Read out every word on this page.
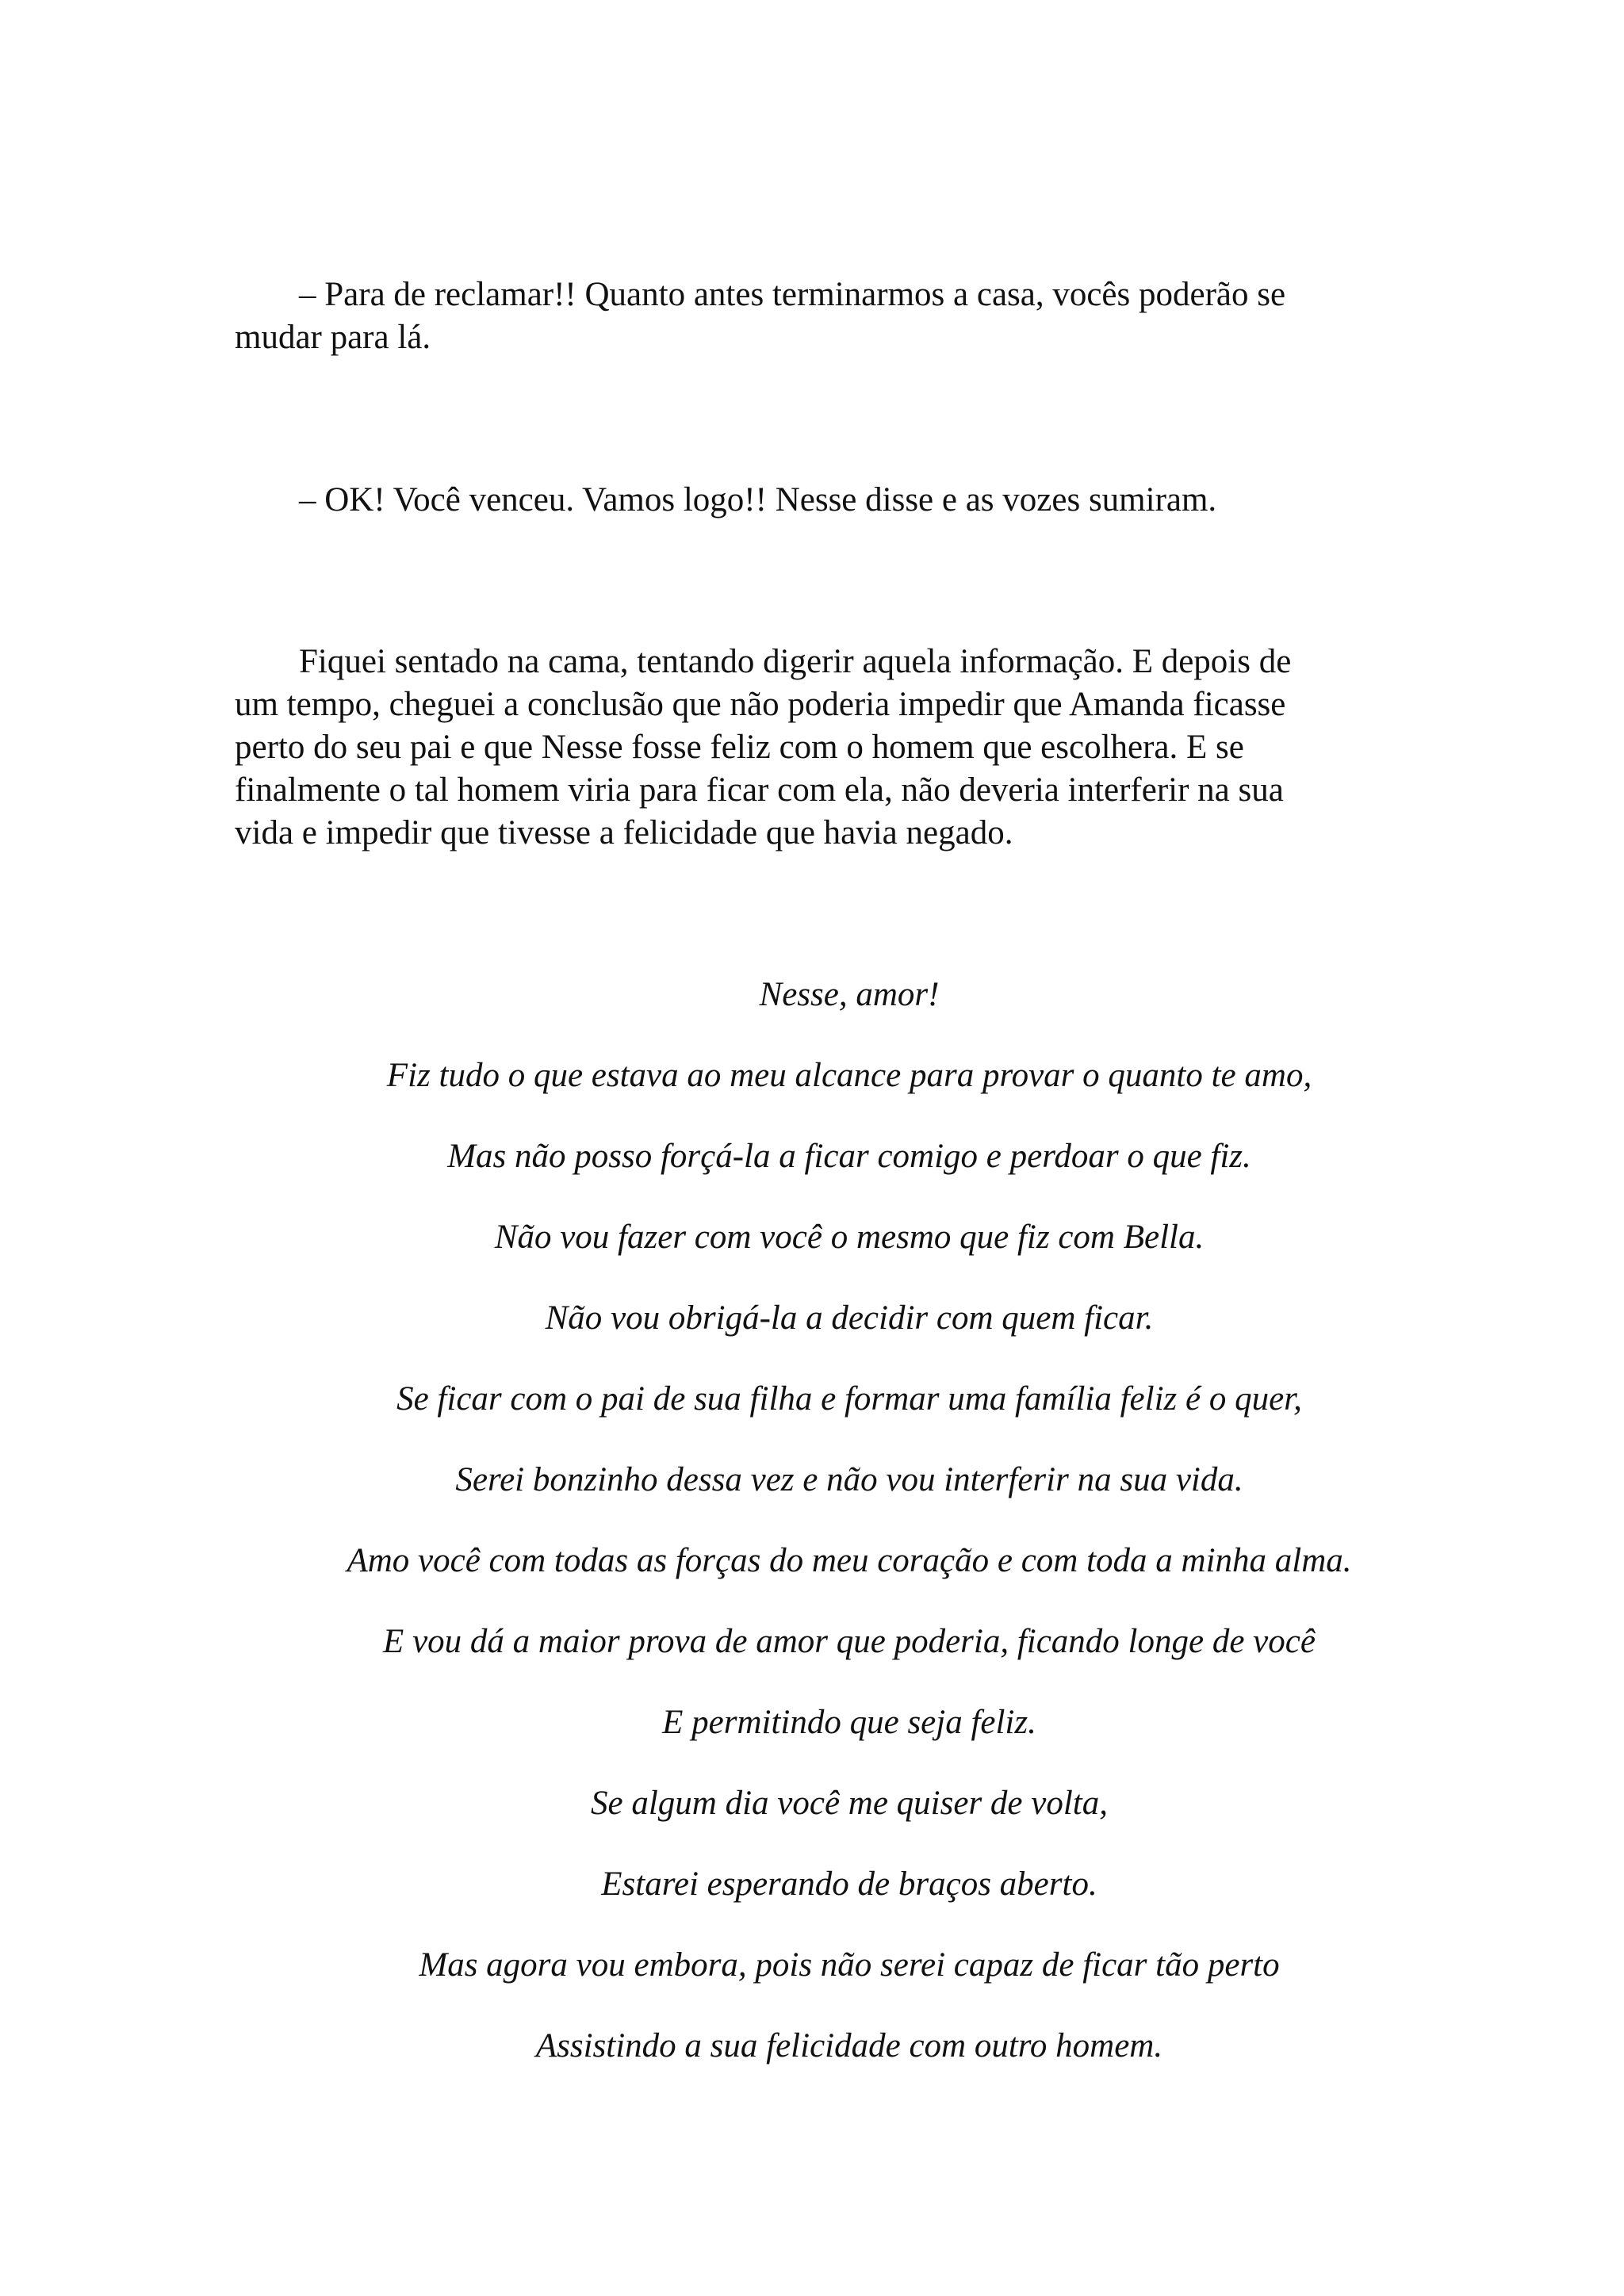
– Para de reclamar!! Quanto antes terminarmos a casa, vocês poderão se
mudar para lá.

– OK! Você venceu. Vamos logo!! Nesse disse e as vozes sumiram.

Fiquei sentado na cama, tentando digerir aquela informação. E depois de
um tempo, cheguei a conclusão que não poderia impedir que Amanda ficasse
perto do seu pai e que Nesse fosse feliz com o homem que escolhera. E se
finalmente o tal homem viria para ficar com ela, não deveria interferir na sua
vida e impedir que tivesse a felicidade que havia negado.

Nesse, amor!

Fiz tudo o que estava ao meu alcance para provar o quanto te amo,

Mas não posso forçá-la a ficar comigo e perdoar o que fiz.

Não vou fazer com você o mesmo que fiz com Bella.

Não vou obrigá-la a decidir com quem ficar.

Se ficar com o pai de sua filha e formar uma família feliz é o quer,

Serei bonzinho dessa vez e não vou interferir na sua vida.

Amo você com todas as forças do meu coração e com toda a minha alma.

E vou dá a maior prova de amor que poderia, ficando longe de você

E permitindo que seja feliz.

Se algum dia você me quiser de volta,

Estarei esperando de braços aberto.

Mas agora vou embora, pois não serei capaz de ficar tão perto

Assistindo a sua felicidade com outro homem.
